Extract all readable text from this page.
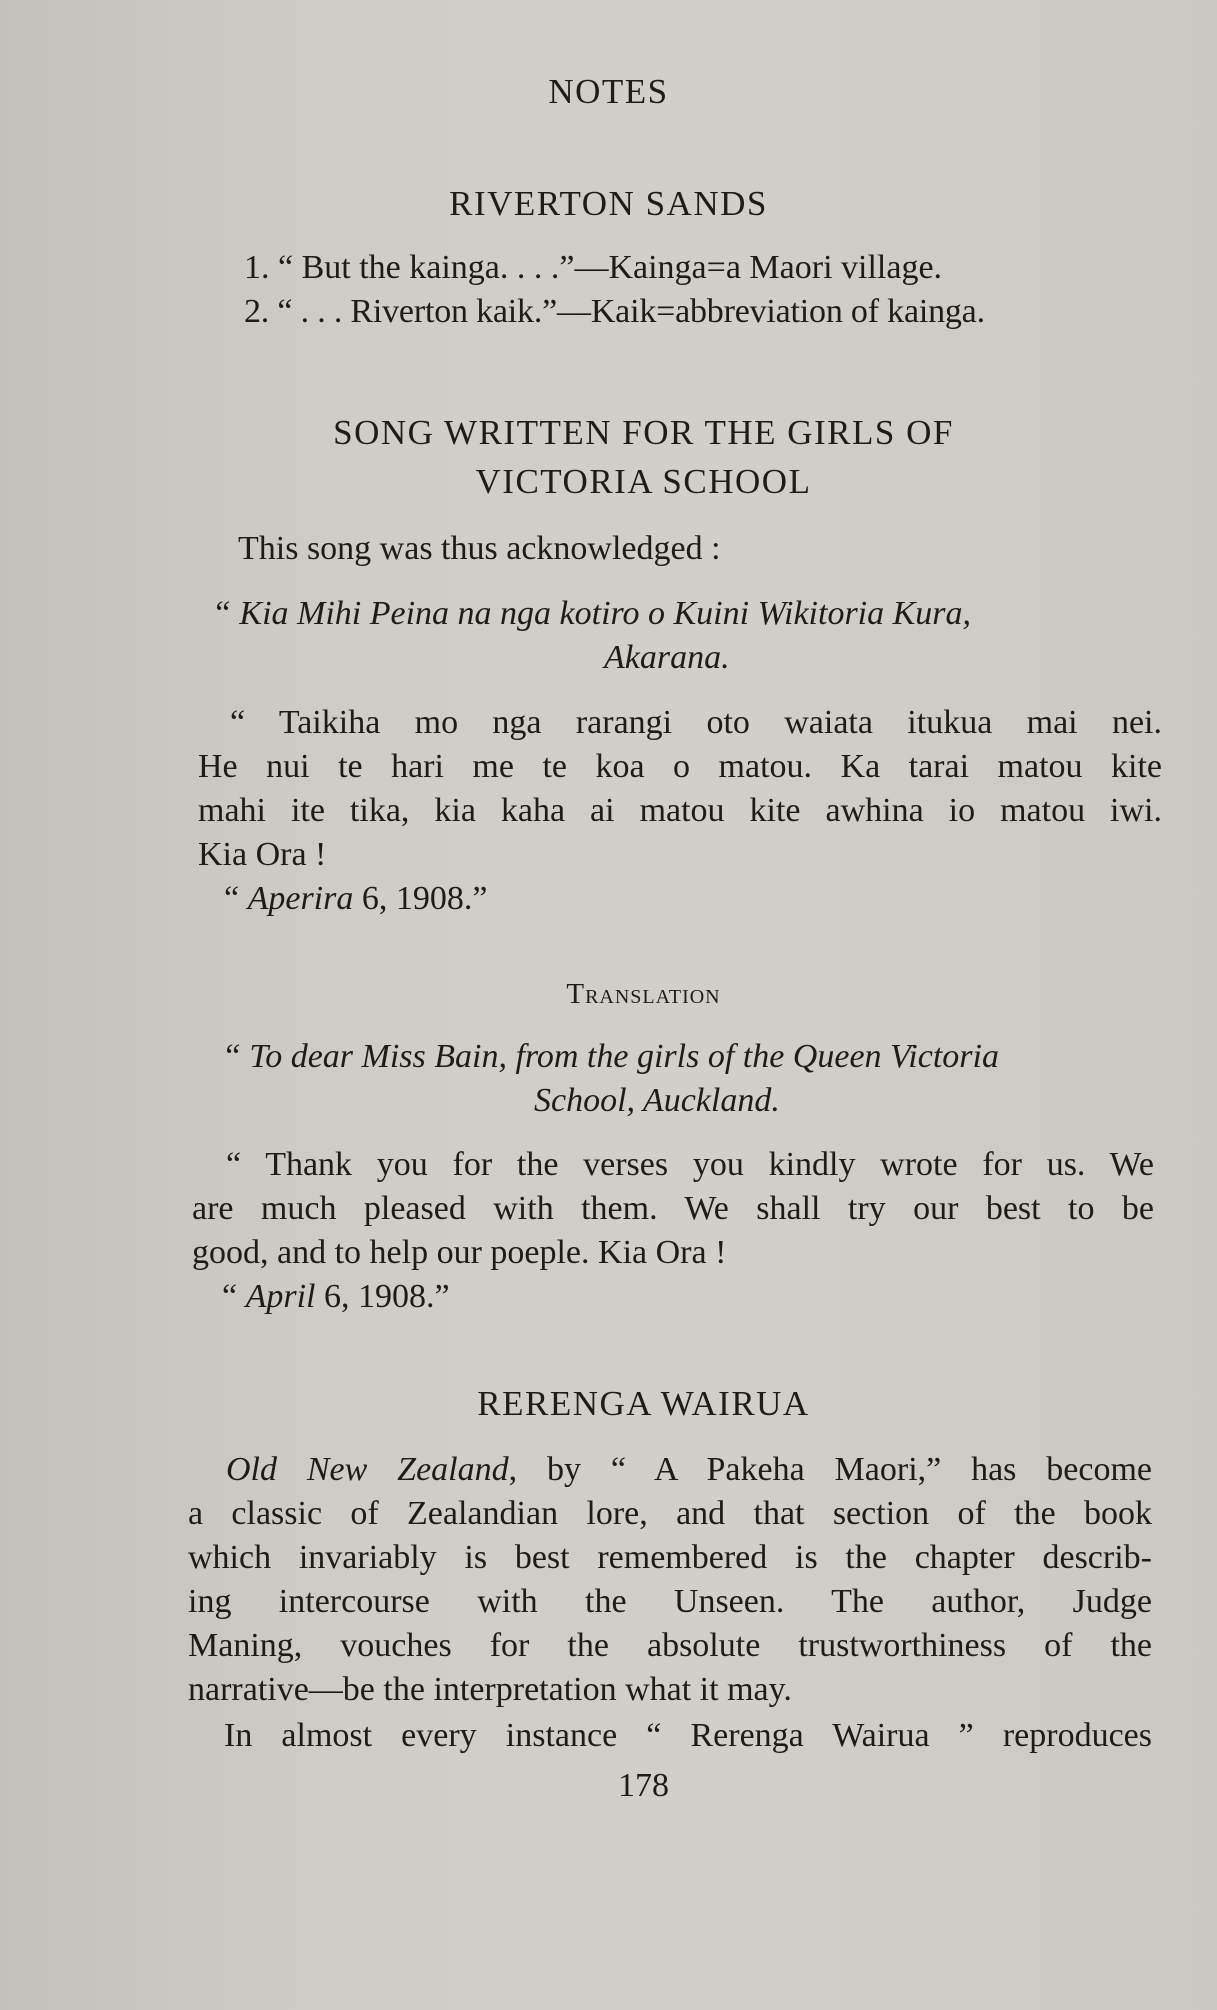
NOTES
RIVERTON SANDS
1. “ But the kainga. . . .”—Kainga=a Maori village.
2. “ . . . Riverton kaik.”—Kaik=abbreviation of kainga.
SONG WRITTEN FOR THE GIRLS OF
VICTORIA SCHOOL
This song was thus acknowledged :
“ Kia Mihi Peina na nga kotiro o Kuini Wikitoria Kura,
Akarana.
“ Taikiha mo nga rarangi oto waiata itukua mai nei.
He nui te hari me te koa o matou. Ka tarai matou kite
mahi ite tika, kia kaha ai matou kite awhina io matou iwi.
Kia Ora !
“ Aperira 6, 1908.”
Translation
“ To dear Miss Bain, from the girls of the Queen Victoria
School, Auckland.
“ Thank you for the verses you kindly wrote for us. We
are much pleased with them. We shall try our best to be
good, and to help our poeple. Kia Ora !
“ April 6, 1908.”
RERENGA WAIRUA
Old New Zealand, by “ A Pakeha Maori,” has become
a classic of Zealandian lore, and that section of the book
which invariably is best remembered is the chapter describ-
ing intercourse with the Unseen. The author, Judge
Maning, vouches for the absolute trustworthiness of the
narrative—be the interpretation what it may.
In almost every instance “ Rerenga Wairua ” reproduces
178
